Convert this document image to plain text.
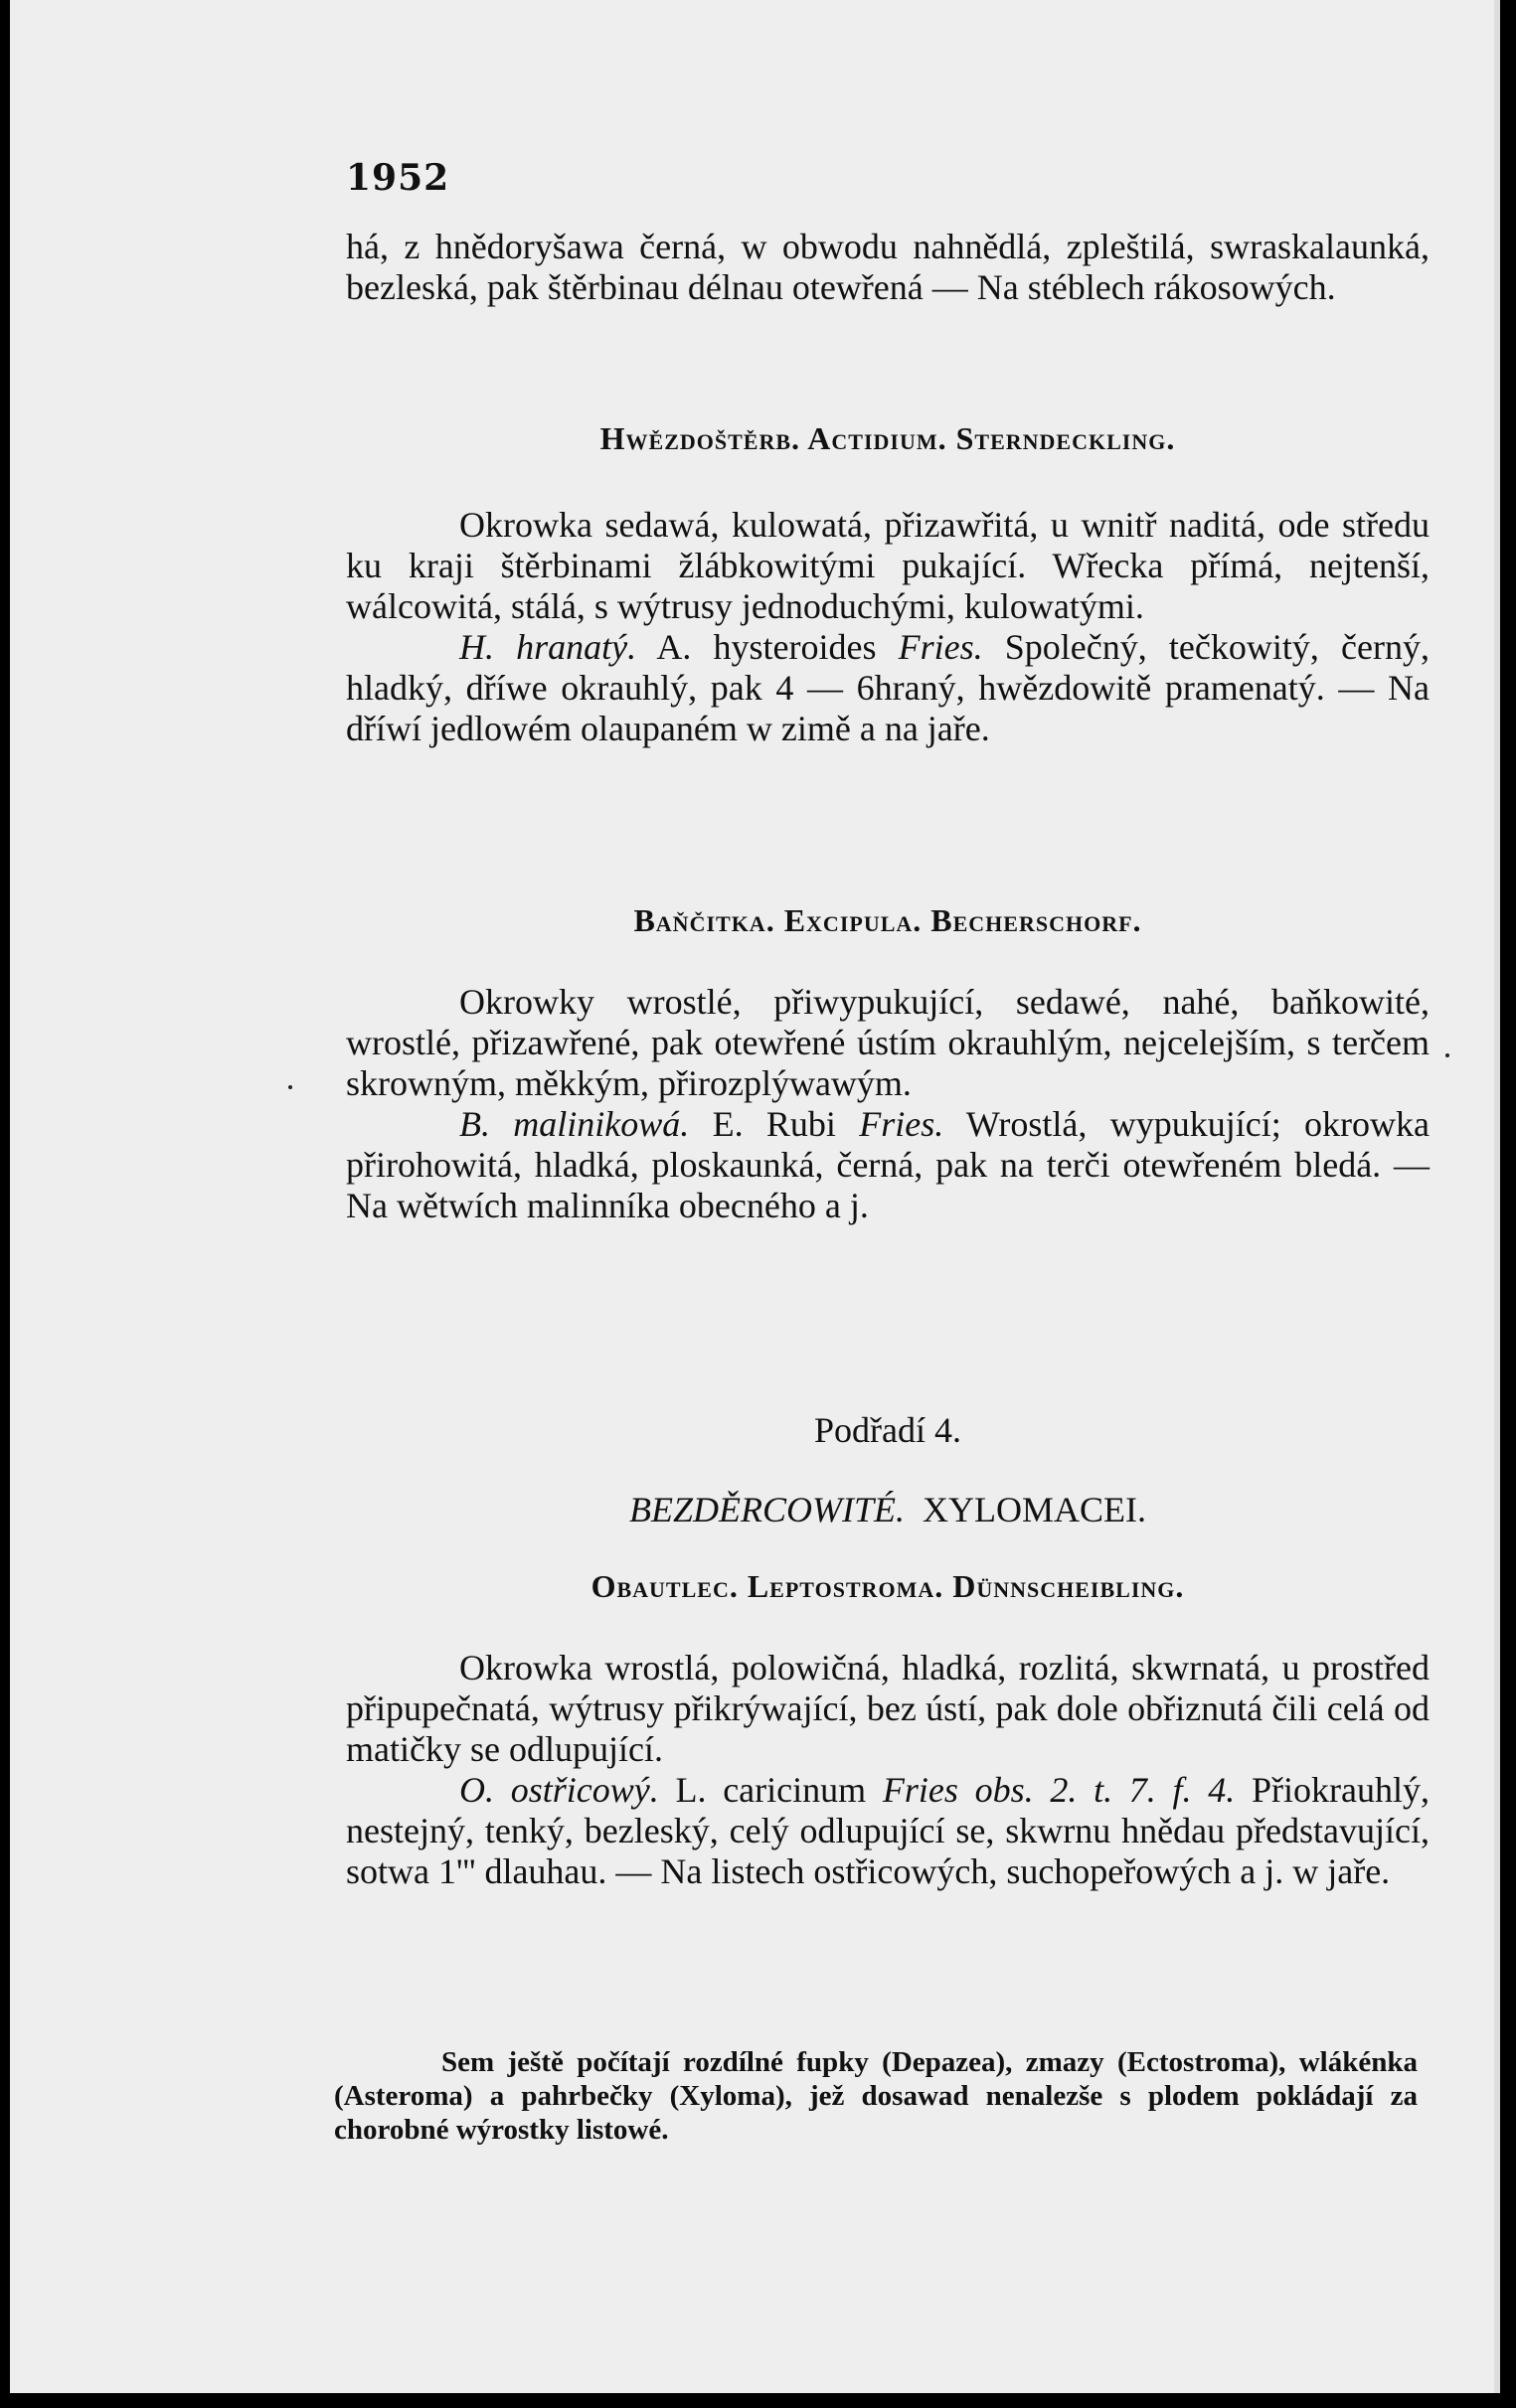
1952

há, z hnědoryšawa černá, w obwodu nahnědlá, zpleštilá, swraskalaunká, bezleská, pak štěrbinau délnau otewřená — Na stéblech rákosowých.

Hwězdoštěrb. Actidium. Sterndeckling.

Okrowka sedawá, kulowatá, přizawřitá, u wnitř naditá, ode středu ku kraji štěrbinami žlábkowitými pukající. Wřecka přímá, nejtenší, wálcowitá, stálá, s wýtrusy jednoduchými, kulowatými.

H. hranatý. A. hysteroides Fries. Společný, tečkowitý, černý, hladký, dříwe okrauhlý, pak 4 — 6hraný, hwězdowitě pramenatý. — Na dříwí jedlowém olaupaném w zimě a na jaře.

Baňčitka. Excipula. Becherschorf.

Okrowky wrostlé, přiwypukující, sedawé, nahé, baňkowité, wrostlé, přizawřené, pak otewřené ústím okrauhlým, nejcelejším, s terčem skrowným, měkkým, přirozplýwawým.

B. malinikowá. E. Rubi Fries. Wrostlá, wypukující; okrowka přirohowitá, hladká, ploskaunká, černá, pak na terči otewřeném bledá. — Na wětwích malinníka obecného a j.

Podřadí 4.
BEZDĚRCOWITÉ. XYLOMACEI.
Obautlec. Leptostroma. Dünnscheibling.

Okrowka wrostlá, polowičná, hladká, rozlitá, skwrnatá, u prostřed připupečnatá, wýtrusy přikrýwající, bez ústí, pak dole obřiznutá čili celá od matičky se odlupující.

O. ostřicowý. L. caricinum Fries obs. 2. t. 7. f. 4. Přiokrauhlý, nestejný, tenký, bezleský, celý odlupující se, skwrnu hnědau představující, sotwa 1''' dlauhau. — Na listech ostřicowých, suchopeřowých a j. w jaře.

Sem ještě počítají rozdílné fupky (Depazea), zmazy (Ectostroma), wlákénka (Asteroma) a pahrbečky (Xyloma), jež dosawad nenalezše s plodem pokládají za chorobné wýrostky listowé.
